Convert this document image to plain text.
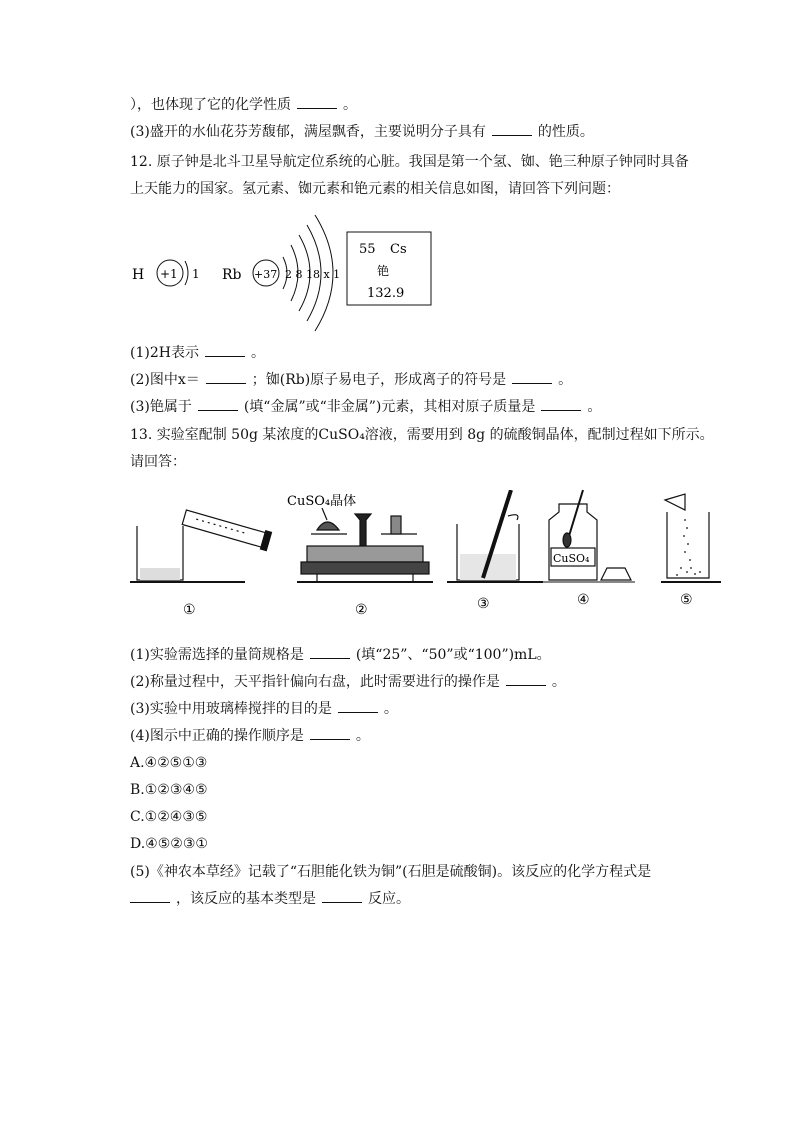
），也体现了它的化学性质	。
(3)盛开的水仙花芬芳馥郁，满屋飘香，主要说明分子具有	的性质。
12. 原子钟是北斗卫星导航定位系统的心脏。我国是第一个氢、铷、铯三种原子钟同时具备
上天能力的国家。氢元素、铷元素和铯元素的相关信息如图，请回答下列问题：
H +1 1 Rb +37 2 8 18 x 1
55 Cs
铯
132.9
(1)2H表示	。
(2)图中x＝	；铷(Rb)原子易电子，形成离子的符号是	。
(3)铯属于	(填“金属”或“非金属”)元素，其相对原子质量是	。
13. 实验室配制 50g 某浓度的CuSO₄溶液，需要用到 8g 的硫酸铜晶体，配制过程如下所示。
请回答：
①
CuSO₄晶体
②	③
CuSO₄
④	⑤
(1)实验需选择的量筒规格是	(填“25”、“50”或“100”)mL。
(2)称量过程中，天平指针偏向右盘，此时需要进行的操作是	。
(3)实验中用玻璃棒搅拌的目的是	。
(4)图示中正确的操作顺序是	。
A.④②⑤①③
B.①②③④⑤
C.①②④③⑤
D.④⑤②③①
(5)《神农本草经》记载了“石胆能化铁为铜”(石胆是硫酸铜)。该反应的化学方程式是
，该反应的基本类型是	反应。
